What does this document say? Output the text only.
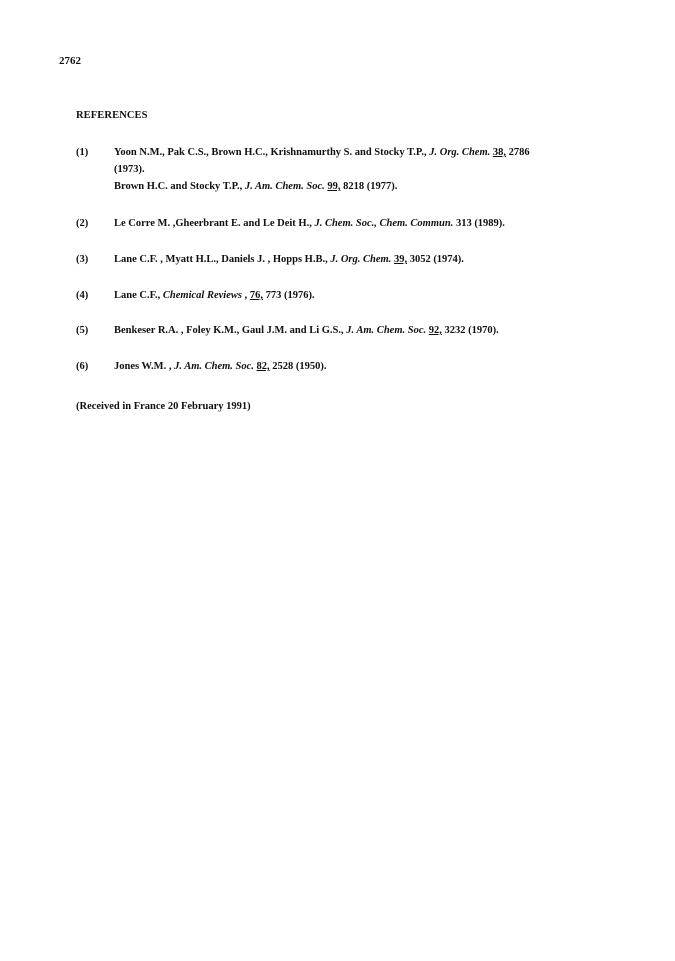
2762
REFERENCES
(1) Yoon N.M., Pak C.S., Brown H.C., Krishnamurthy S. and Stocky T.P., J. Org. Chem. 38, 2786
(1973).
Brown H.C. and Stocky T.P., J. Am. Chem. Soc. 99, 8218 (1977).
(2) Le Corre M. ,Gheerbrant E. and Le Deit H., J. Chem. Soc., Chem. Commun. 313 (1989).
(3) Lane C.F. , Myatt H.L., Daniels J. , Hopps H.B., J. Org. Chem. 39, 3052 (1974).
(4) Lane C.F., Chemical Reviews , 76, 773 (1976).
(5) Benkeser R.A. , Foley K.M., Gaul J.M. and Li G.S., J. Am. Chem. Soc. 92, 3232 (1970).
(6) Jones W.M. , J. Am. Chem. Soc. 82, 2528 (1950).
(Received in France 20 February 1991)
